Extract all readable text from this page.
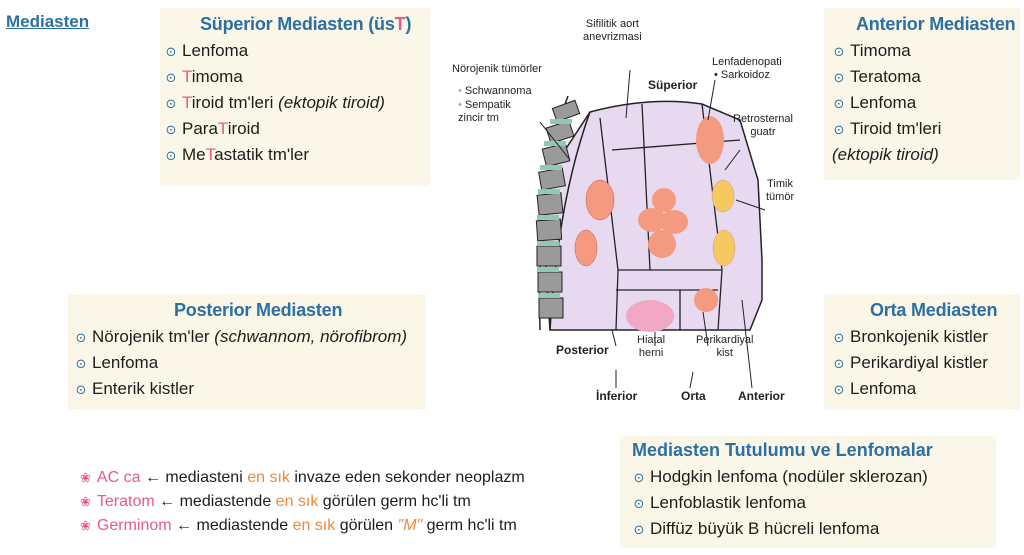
Mediasten	Süperior Mediasten (üsT)
⊙ Lenfoma
⊙ Timoma
⊙ Tiroid tm'leri (ektopik tiroid)
⊙ ParaTiroid
⊙ MeTastatik tm'ler
Anterior Mediasten
⊙ Timoma
⊙ Teratoma
⊙ Lenfoma
⊙ Tiroid tm'leri
(ektopik tiroid)
Posterior Mediasten
⊙ Nörojenik tm'ler (schwannom, nörofibrom)
⊙ Lenfoma
⊙ Enterik kistler
Orta Mediasten
⊙ Bronkojenik kistler
⊙ Perikardiyal kistler
⊙ Lenfoma
Mediasten Tutulumu ve Lenfomalar
⊙ Hodgkin lenfoma (nodüler sklerozan)
⊙ Lenfoblastik lenfoma
⊙ Diffüz büyük B hücreli lenfoma
❀ AC ca ← mediasteni en sık invaze eden sekonder neoplazm
❀ Teratom ← mediastende en sık görülen germ hc'li tm
❀ Germinom ← mediastende en sık görülen "M" germ hc'li tm
Sifilitik aort
anevrizmasi
Lenfadenopati
• Sarkoidoz
Nörojenik tümörler
• Schwannoma
• Sempatik
zincir tm
Süperior
Retrosternal
guatr
Timik
tümör
Posterior
Hiatal
herni
Perikardiyal
kist
İnferior	Orta	Anterior
